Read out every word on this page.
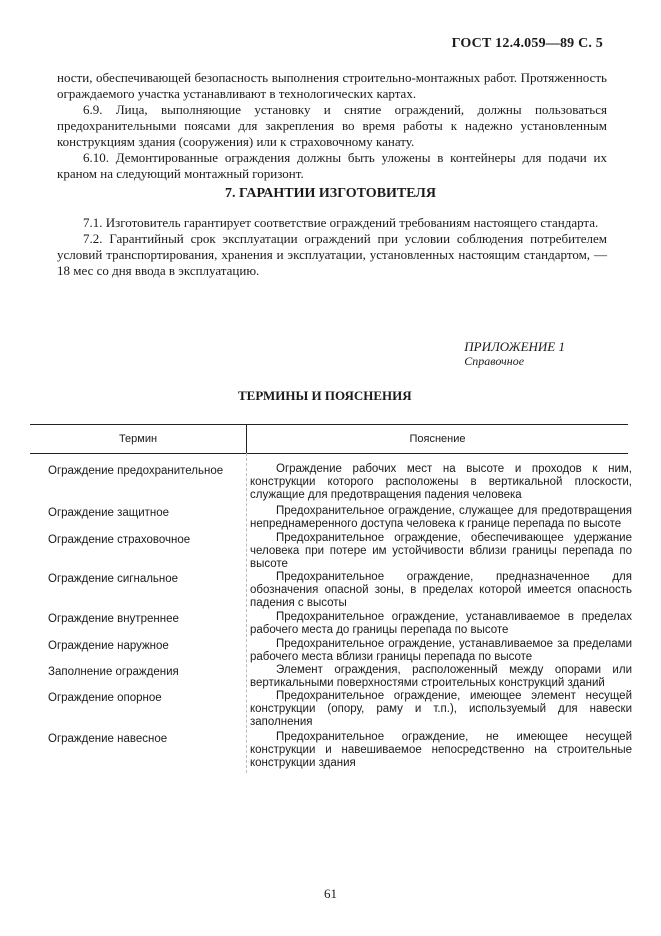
ГОСТ 12.4.059—89 С. 5

ности, обеспечивающей безопасность выполнения строительно-монтажных работ. Протяженность ограждаемого участка устанавливают в технологических картах.

6.9. Лица, выполняющие установку и снятие ограждений, должны пользоваться предохранительными поясами для закрепления во время работы к надежно установленным конструкциям здания (сооружения) или к страховочному канату.

6.10. Демонтированные ограждения должны быть уложены в контейнеры для подачи их краном на следующий монтажный горизонт.

7. ГАРАНТИИ ИЗГОТОВИТЕЛЯ

7.1. Изготовитель гарантирует соответствие ограждений требованиям настоящего стандарта.

7.2. Гарантийный срок эксплуатации ограждений при условии соблюдения потребителем условий транспортирования, хранения и эксплуатации, установленных настоящим стандартом, — 18 мес со дня ввода в эксплуатацию.

ПРИЛОЖЕНИЕ 1
Справочное
ТЕРМИНЫ И ПОЯСНЕНИЯ
Термин	Пояснение
Ограждение предохранительное	Ограждение рабочих мест на высоте и проходов к ним, конструкции которого расположены в вертикальной плоскости, служащие для предотвращения падения человека
Ограждение защитное	Предохранительное ограждение, служащее для предотвращения непреднамеренного доступа человека к границе перепада по высоте
Ограждение страховочное	Предохранительное ограждение, обеспечивающее удержание человека при потере им устойчивости вблизи границы перепада по высоте
Ограждение сигнальное	Предохранительное ограждение, предназначенное для обозначения опасной зоны, в пределах которой имеется опасность падения с высоты
Ограждение внутреннее	Предохранительное ограждение, устанавливаемое в пределах рабочего места до границы перепада по высоте
Ограждение наружное	Предохранительное ограждение, устанавливаемое за пределами рабочего места вблизи границы перепада по высоте
Заполнение ограждения	Элемент ограждения, расположенный между опорами или вертикальными поверхностями строительных конструкций зданий
Ограждение опорное	Предохранительное ограждение, имеющее элемент несущей конструкции (опору, раму и т.п.), используемый для навески заполнения
Ограждение навесное	Предохранительное ограждение, не имеющее несущей конструкции и навешиваемое непосредственно на строительные конструкции здания
61
